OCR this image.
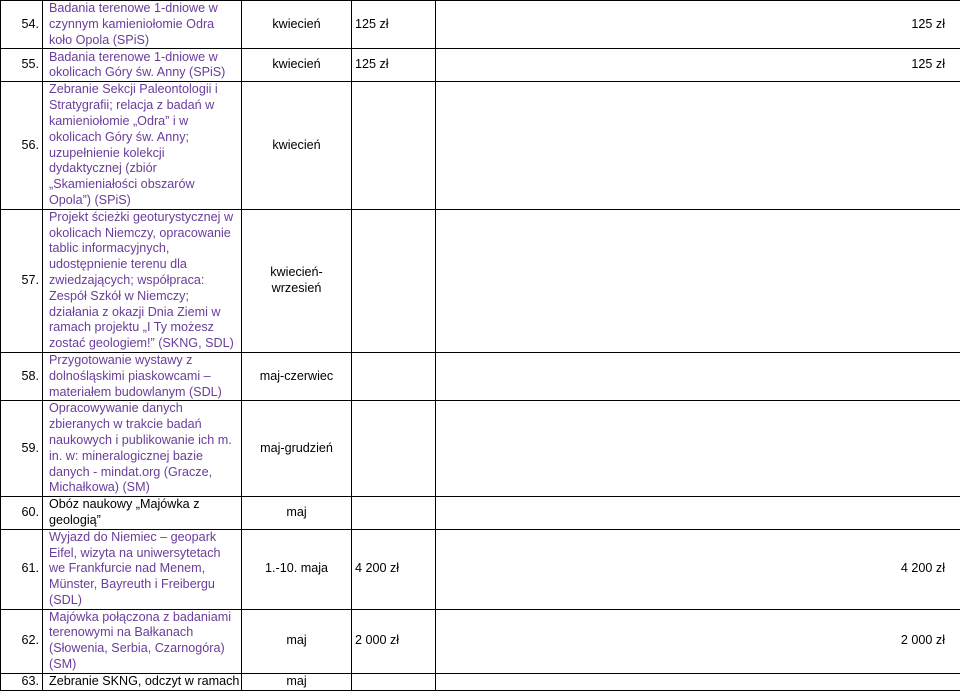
54.	Badania terenowe 1-dniowe w czynnym kamieniołomie Odra koło Opola (SPiS)	kwiecień	125 zł	125 zł
55.	Badania terenowe 1-dniowe w okolicach Góry św. Anny (SPiS)	kwiecień	125 zł	125 zł
56.	Zebranie Sekcji Paleontologii i Stratygrafii; relacja z badań w kamieniołomie „Odra” i w okolicach Góry św. Anny; uzupełnienie kolekcji dydaktycznej (zbiór „Skamieniałości obszarów Opola”) (SPiS)	kwiecień		
57.	Projekt ścieżki geoturystycznej w okolicach Niemczy, opracowanie tablic informacyjnych, udostępnienie terenu dla zwiedzających; współpraca: Zespół Szkół w Niemczy; działania z okazji Dnia Ziemi w ramach projektu „I Ty możesz zostać geologiem!” (SKNG, SDL)	kwiecień-wrzesień		
58.	Przygotowanie wystawy z dolnośląskimi piaskowcami – materiałem budowlanym (SDL)	maj-czerwiec		
59.	Opracowywanie danych zbieranych w trakcie badań naukowych i publikowanie ich m. in. w: mineralogicznej bazie danych - mindat.org (Gracze, Michałkowa) (SM)	maj-grudzień		
60.	Obóz naukowy „Majówka z geologią”	maj		
61.	Wyjazd do Niemiec – geopark Eifel, wizyta na uniwersytetach we Frankfurcie nad Menem, Münster, Bayreuth i Freibergu (SDL)	1.-10. maja	4 200 zł	4 200 zł
62.	Majówka połączona z badaniami terenowymi na Bałkanach (Słowenia, Serbia, Czarnogóra) (SM)	maj	2 000 zł	2 000 zł
63.	Zebranie SKNG, odczyt w ramach	maj		
